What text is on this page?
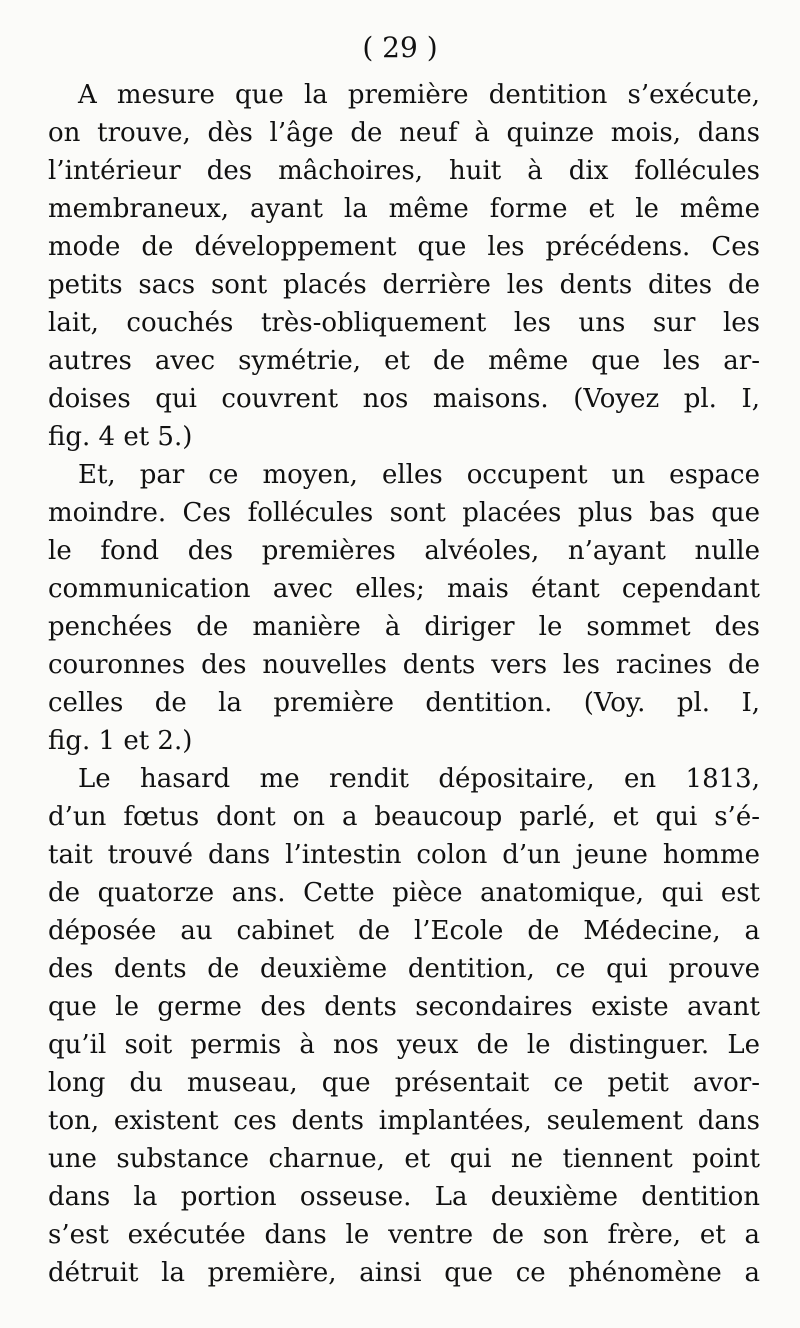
( 29 )
A mesure que la première dentition s’exécute,
on trouve, dès l’âge de neuf à quinze mois, dans
l’intérieur des mâchoires, huit à dix follécules
membraneux, ayant la même forme et le même
mode de développement que les précédens. Ces
petits sacs sont placés derrière les dents dites de
lait, couchés très-obliquement les uns sur les
autres avec symétrie, et de même que les ar-
doises qui couvrent nos maisons. (Voyez pl. I,
fig. 4 et 5.)
Et, par ce moyen, elles occupent un espace
moindre. Ces follécules sont placées plus bas que
le fond des premières alvéoles, n’ayant nulle
communication avec elles; mais étant cependant
penchées de manière à diriger le sommet des
couronnes des nouvelles dents vers les racines de
celles de la première dentition. (Voy. pl. I,
fig. 1 et 2.)
Le hasard me rendit dépositaire, en 1813,
d’un fœtus dont on a beaucoup parlé, et qui s’é-
tait trouvé dans l’intestin colon d’un jeune homme
de quatorze ans. Cette pièce anatomique, qui est
déposée au cabinet de l’Ecole de Médecine, a
des dents de deuxième dentition, ce qui prouve
que le germe des dents secondaires existe avant
qu’il soit permis à nos yeux de le distinguer. Le
long du museau, que présentait ce petit avor-
ton, existent ces dents implantées, seulement dans
une substance charnue, et qui ne tiennent point
dans la portion osseuse. La deuxième dentition
s’est exécutée dans le ventre de son frère, et a
détruit la première, ainsi que ce phénomène a
